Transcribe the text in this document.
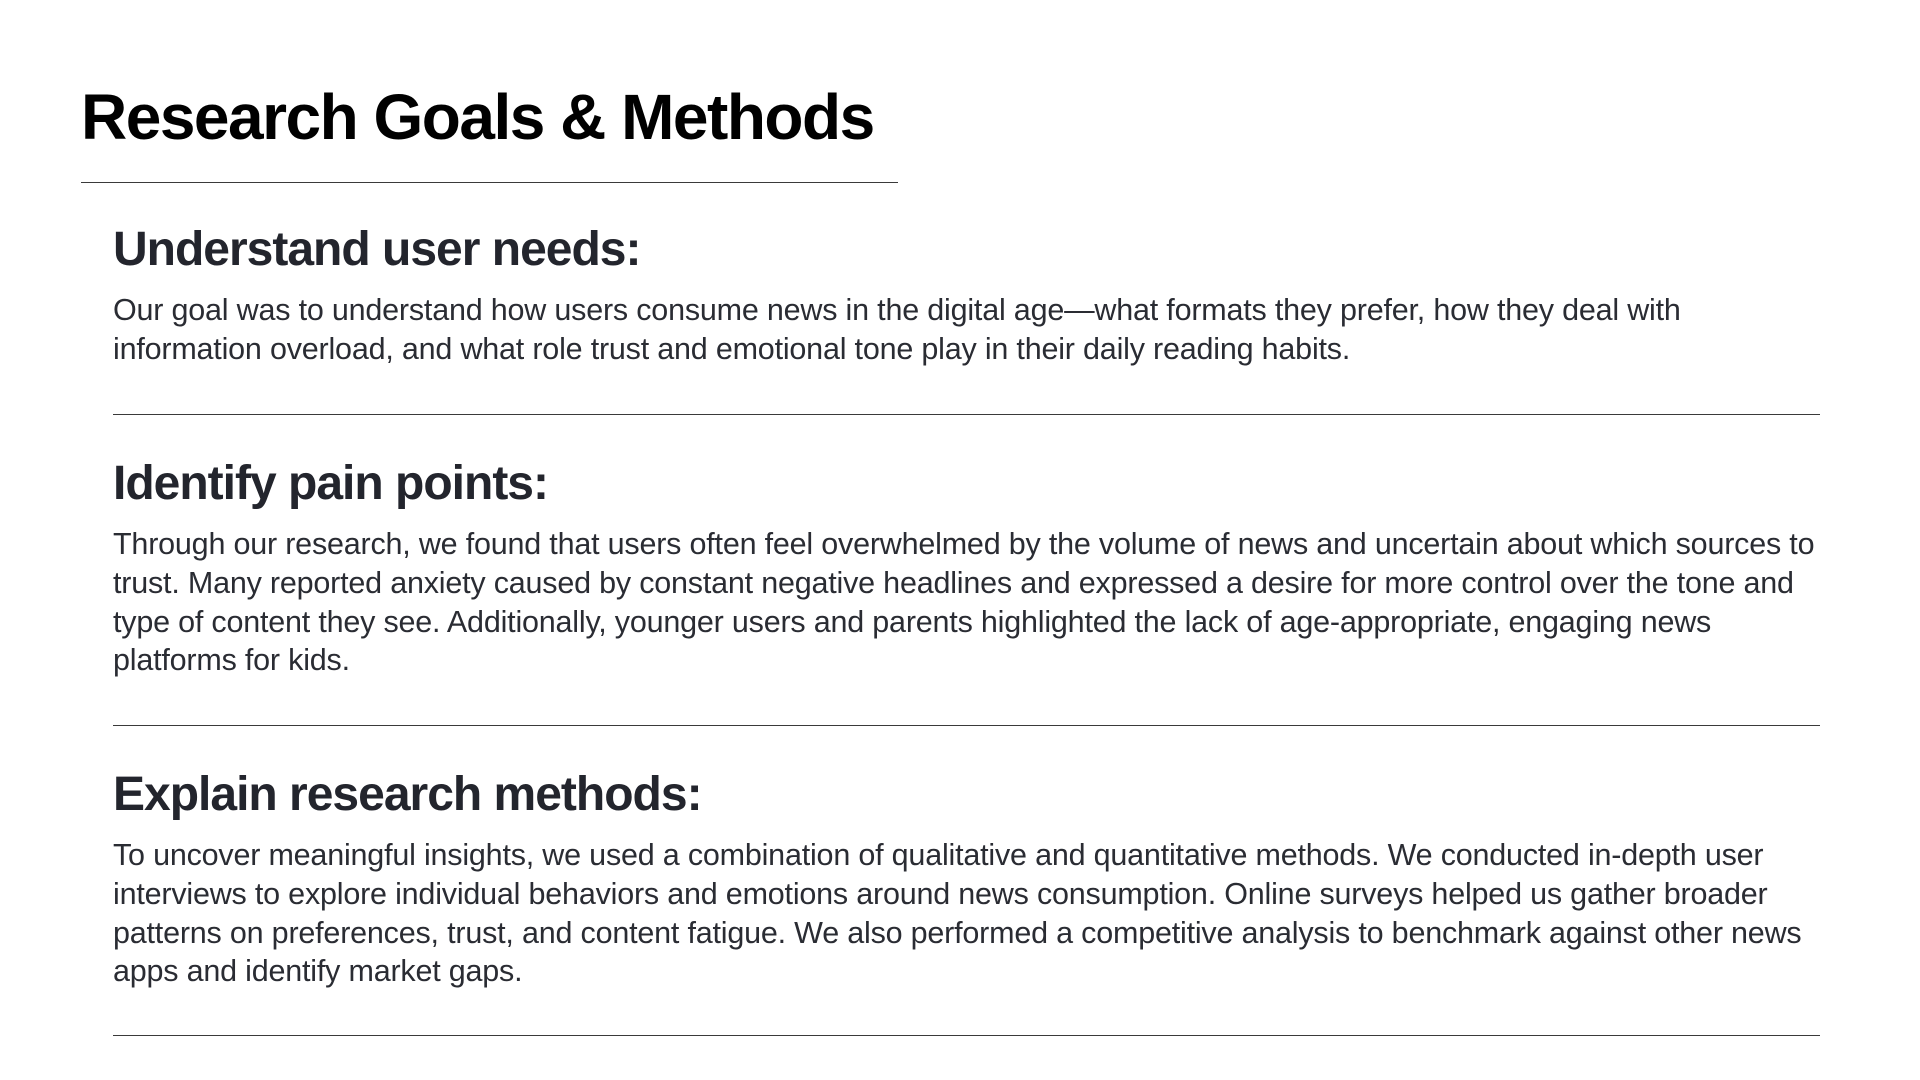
Research Goals & Methods
Understand user needs:

Our goal was to understand how users consume news in the digital age—what formats they prefer, how they deal with information overload, and what role trust and emotional tone play in their daily reading habits.

Identify pain points:

Through our research, we found that users often feel overwhelmed by the volume of news and uncertain about which sources to trust. Many reported anxiety caused by constant negative headlines and expressed a desire for more control over the tone and type of content they see. Additionally, younger users and parents highlighted the lack of age-appropriate, engaging news platforms for kids.

Explain research methods:

To uncover meaningful insights, we used a combination of qualitative and quantitative methods. We conducted in-depth user interviews to explore individual behaviors and emotions around news consumption. Online surveys helped us gather broader patterns on preferences, trust, and content fatigue. We also performed a competitive analysis to benchmark against other news apps and identify market gaps.
